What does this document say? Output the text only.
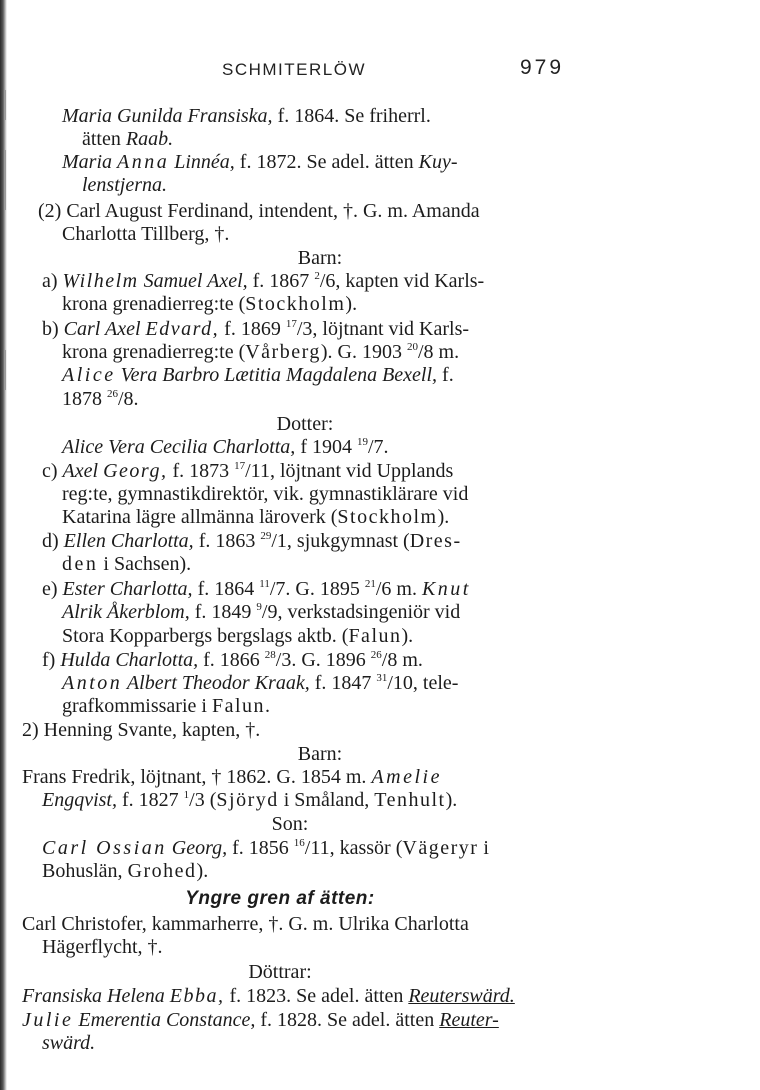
SCHMITERLÖW	979
Maria Gunilda Fransiska, f. 1864. Se friherrl.
ätten Raab.
Maria Anna Linnéa, f. 1872. Se adel. ätten Kuy-
lenstjerna.
(2) Carl August Ferdinand, intendent, †. G. m. Amanda
Charlotta Tillberg, †.
Barn:
a) Wilhelm Samuel Axel, f. 1867 $^2$/6, kapten vid Karls-
krona grenadierreg:te (Stockholm).
b) Carl Axel Edvard, f. 1869 $^{17}$/3, löjtnant vid Karls-
krona grenadierreg:te (Vårberg). G. 1903 $^{20}$/8 m.
Alice Vera Barbro Lætitia Magdalena Bexell, f.
1878 $^{26}$/8.
Dotter:
Alice Vera Cecilia Charlotta, f 1904 $^{19}$/7.
c) Axel Georg, f. 1873 $^{17}$/11, löjtnant vid Upplands
reg:te, gymnastikdirektör, vik. gymnastiklärare vid
Katarina lägre allmänna läroverk (Stockholm).
d) Ellen Charlotta, f. 1863 $^{29}$/1, sjukgymnast (Dres-
den i Sachsen).
e) Ester Charlotta, f. 1864 $^{11}$/7. G. 1895 $^{21}$/6 m. Knut
Alrik Åkerblom, f. 1849 $^9$/9, verkstadsingeniör vid
Stora Kopparbergs bergslags aktb. (Falun).
f) Hulda Charlotta, f. 1866 $^{28}$/3. G. 1896 $^{26}$/8 m.
Anton Albert Theodor Kraak, f. 1847 $^{31}$/10, tele-
grafkommissarie i Falun.
2) Henning Svante, kapten, †.
Barn:
Frans Fredrik, löjtnant, † 1862. G. 1854 m. Amelie
Engqvist, f. 1827 $^1$/3 (Sjöryd i Småland, Tenhult).
Son:
Carl Ossian Georg, f. 1856 $^{16}$/11, kassör (Vägeryr i
Bohuslän, Grohed).
Yngre gren af ätten:
Carl Christofer, kammarherre, †. G. m. Ulrika Charlotta
Hägerflycht, †.
Döttrar:
Fransiska Helena Ebba, f. 1823. Se adel. ätten Reuterswärd.
Julie Emerentia Constance, f. 1828. Se adel. ätten Reuter-
swärd.
